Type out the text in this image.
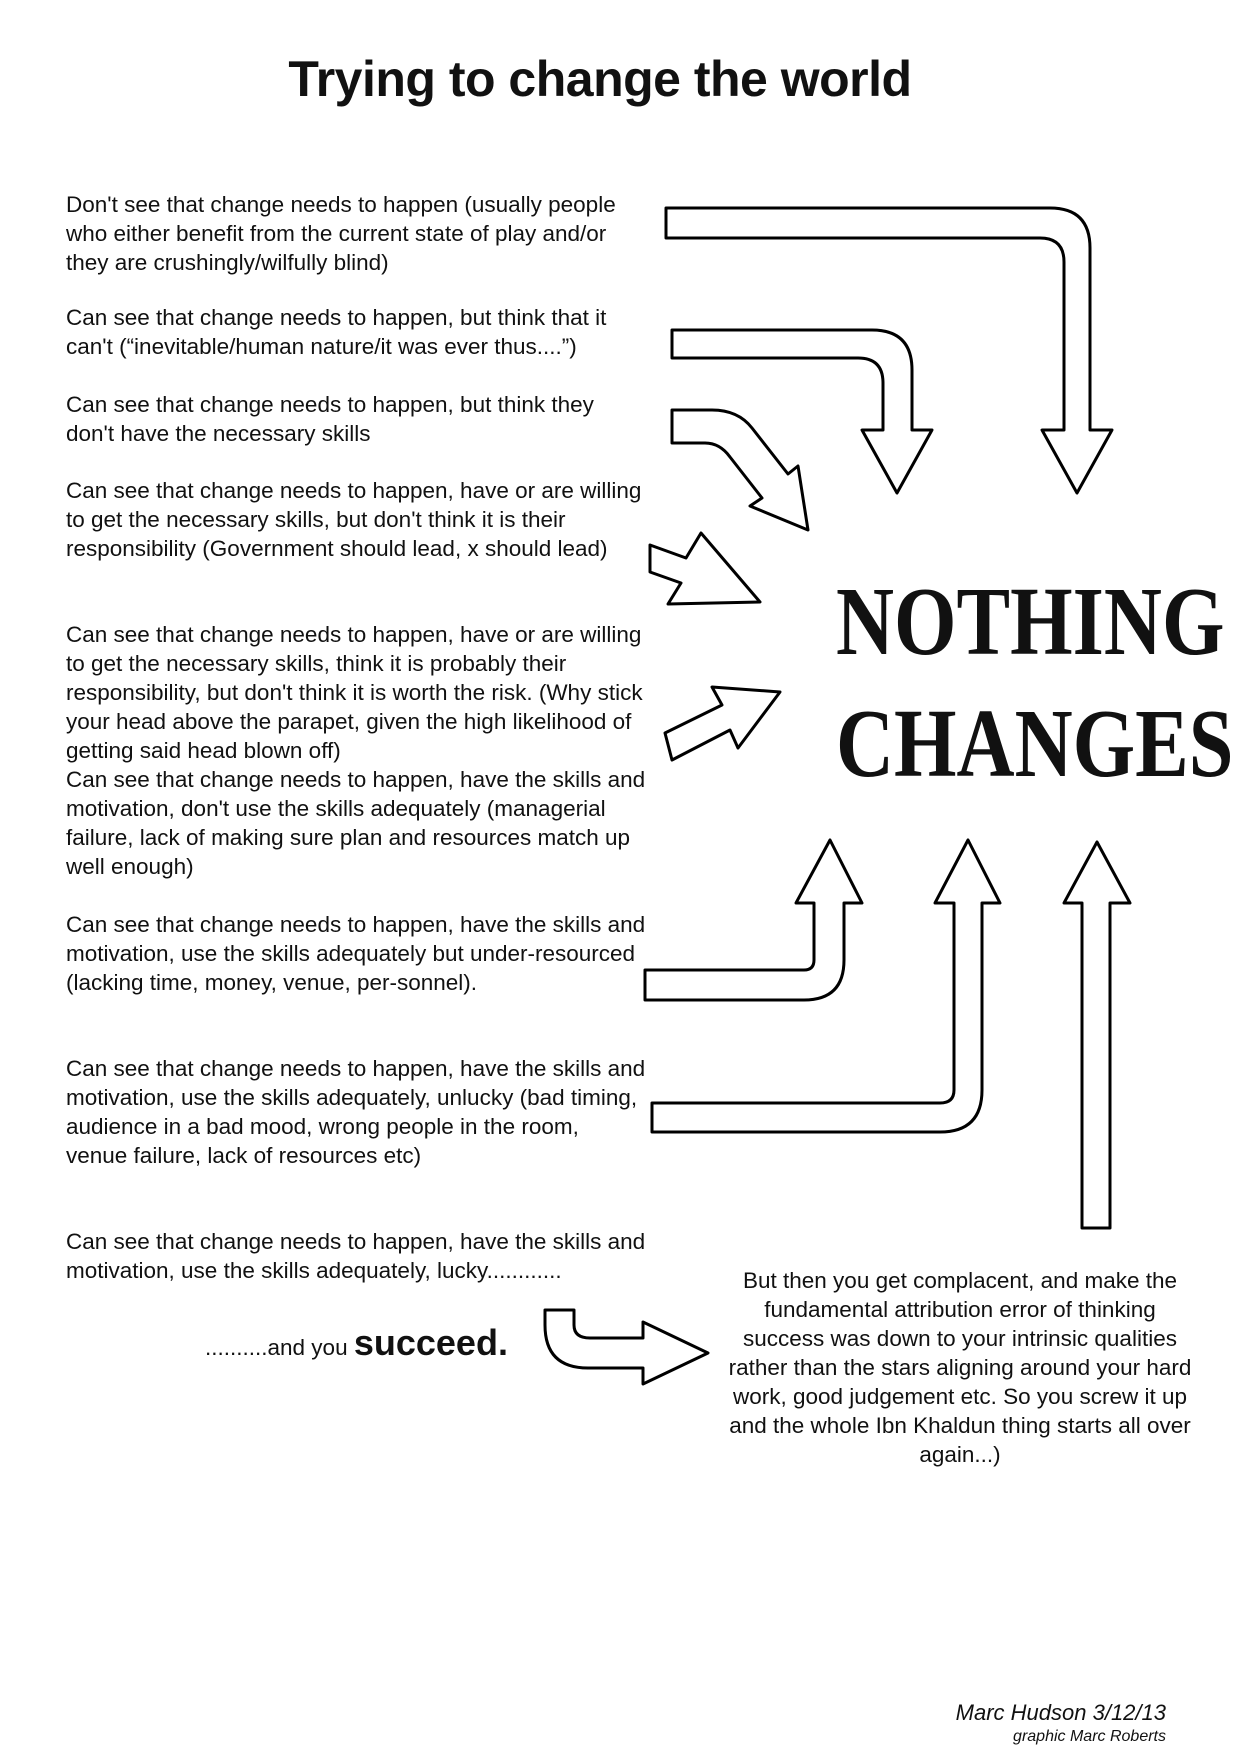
Trying to change the world
Don't see that change needs to happen (usually people who either benefit from the current state of play and/or they are crushingly/wilfully blind)
Can see that change needs to happen, but think that it can't (“inevitable/human nature/it was ever thus....”)
Can see that change needs to happen, but think they don't have the necessary skills
Can see that change needs to happen, have or are willing to get the necessary skills, but don't think it is their responsibility (Government should lead, x should lead)
Can see that change needs to happen, have or are willing to get the necessary skills, think it is probably their responsibility, but don't think it is worth the risk. (Why stick your head above the parapet, given the high likelihood of getting said head blown off)
Can see that change needs to happen, have the skills and motivation, don't use the skills adequately (managerial failure, lack of making sure plan and resources match up well enough)
Can see that change needs to happen, have the skills and motivation, use the skills adequately but under-resourced (lacking time, money, venue, per-sonnel).
Can see that change needs to happen, have the skills and motivation, use the skills adequately, unlucky (bad timing, audience in a bad mood, wrong people in the room, venue failure, lack of resources etc)
Can see that change needs to happen, have the skills and motivation, use the skills adequately, lucky............
..........and you succeed.
NOTHING
CHANGES
But then you get complacent, and make the fundamental attribution error of thinking success was down to your intrinsic qualities rather than the stars aligning around your hard work, good judgement etc. So you screw it up and the whole Ibn Khaldun thing starts all over again...)
Marc Hudson 3/12/13
graphic Marc Roberts
